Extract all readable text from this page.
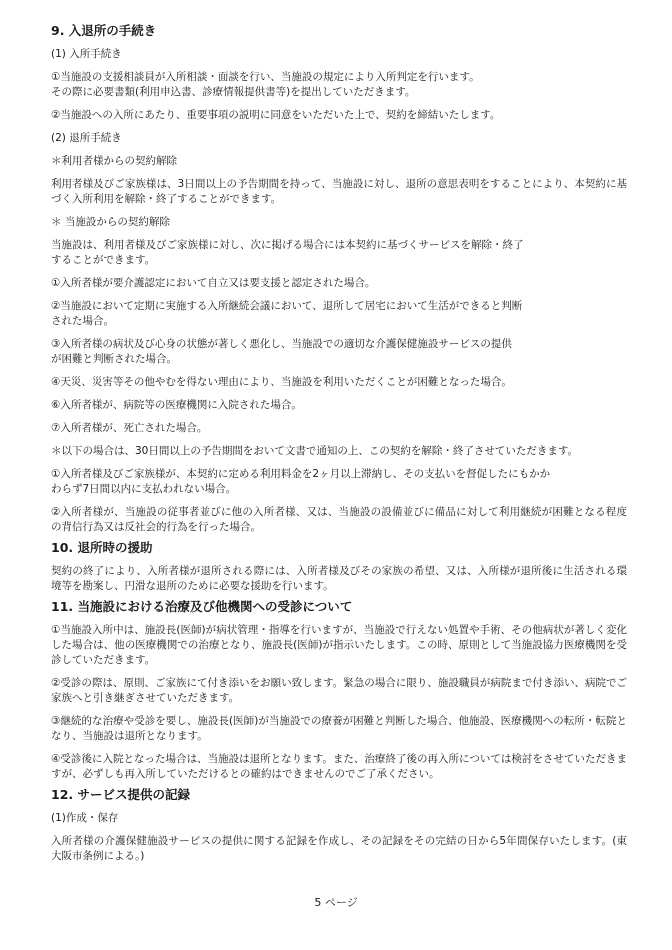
9. 入退所の手続き
(1) 入所手続き
①当施設の支援相談員が入所相談・面談を行い、当施設の規定により入所判定を行います。
その際に必要書類(利用申込書、診療情報提供書等)を提出していただきます。
②当施設への入所にあたり、重要事項の説明に同意をいただいた上で、契約を締結いたします。
(2) 退所手続き
＊利用者様からの契約解除
利用者様及びご家族様は、3日間以上の予告期間を持って、当施設に対し、退所の意思表明をすることにより、本契約に基づく入所利用を解除・終了することができます。
＊ 当施設からの契約解除
当施設は、利用者様及びご家族様に対し、次に掲げる場合には本契約に基づくサービスを解除・終了
することができます。
①入所者様が要介護認定において自立又は要支援と認定された場合。
②当施設において定期に実施する入所継続会議において、退所して居宅において生活ができると判断
された場合。
③入所者様の病状及び心身の状態が著しく悪化し、当施設での適切な介護保健施設サービスの提供
が困難と判断された場合。
④天災、災害等その他やむを得ない理由により、当施設を利用いただくことが困難となった場合。
⑥入所者様が、病院等の医療機関に入院された場合。
⑦入所者様が、死亡された場合。
＊以下の場合は、30日間以上の予告期間をおいて文書で通知の上、この契約を解除・終了させていただきます。
①入所者様及びご家族様が、本契約に定める利用料金を2ヶ月以上滞納し、その支払いを督促したにもかか
わらず7日間以内に支払われない場合。
②入所者様が、当施設の従事者並びに他の入所者様、又は、当施設の設備並びに備品に対して利用継続が困難となる程度の背信行為又は反社会的行為を行った場合。
10. 退所時の援助
契約の終了により、入所者様が退所される際には、入所者様及びその家族の希望、又は、入所様が退所後に生活される環境等を勘案し、円滑な退所のために必要な援助を行います。
11. 当施設における治療及び他機関への受診について
①当施設入所中は、施設長(医師)が病状管理・指導を行いますが、当施設で行えない処置や手術、その他病状が著しく変化した場合は、他の医療機関での治療となり、施設長(医師)が指示いたします。この時、原則として当施設協力医療機関を受診していただきます。
②受診の際は、原則、ご家族にて付き添いをお願い致します。緊急の場合に限り、施設職員が病院まで付き添い、病院でご家族へと引き継ぎさせていただきます。
③継続的な治療や受診を要し、施設長(医師)が当施設での療養が困難と判断した場合、他施設、医療機関への転所・転院となり、当施設は退所となります。
④受診後に入院となった場合は、当施設は退所となります。また、治療終了後の再入所については検討をさせていただきますが、必ずしも再入所していただけるとの確約はできませんのでご了承ください。
12. サービス提供の記録
(1)作成・保存
入所者様の介護保健施設サービスの提供に関する記録を作成し、その記録をその完結の日から5年間保存いたします。(東大阪市条例による。)
5 ページ
